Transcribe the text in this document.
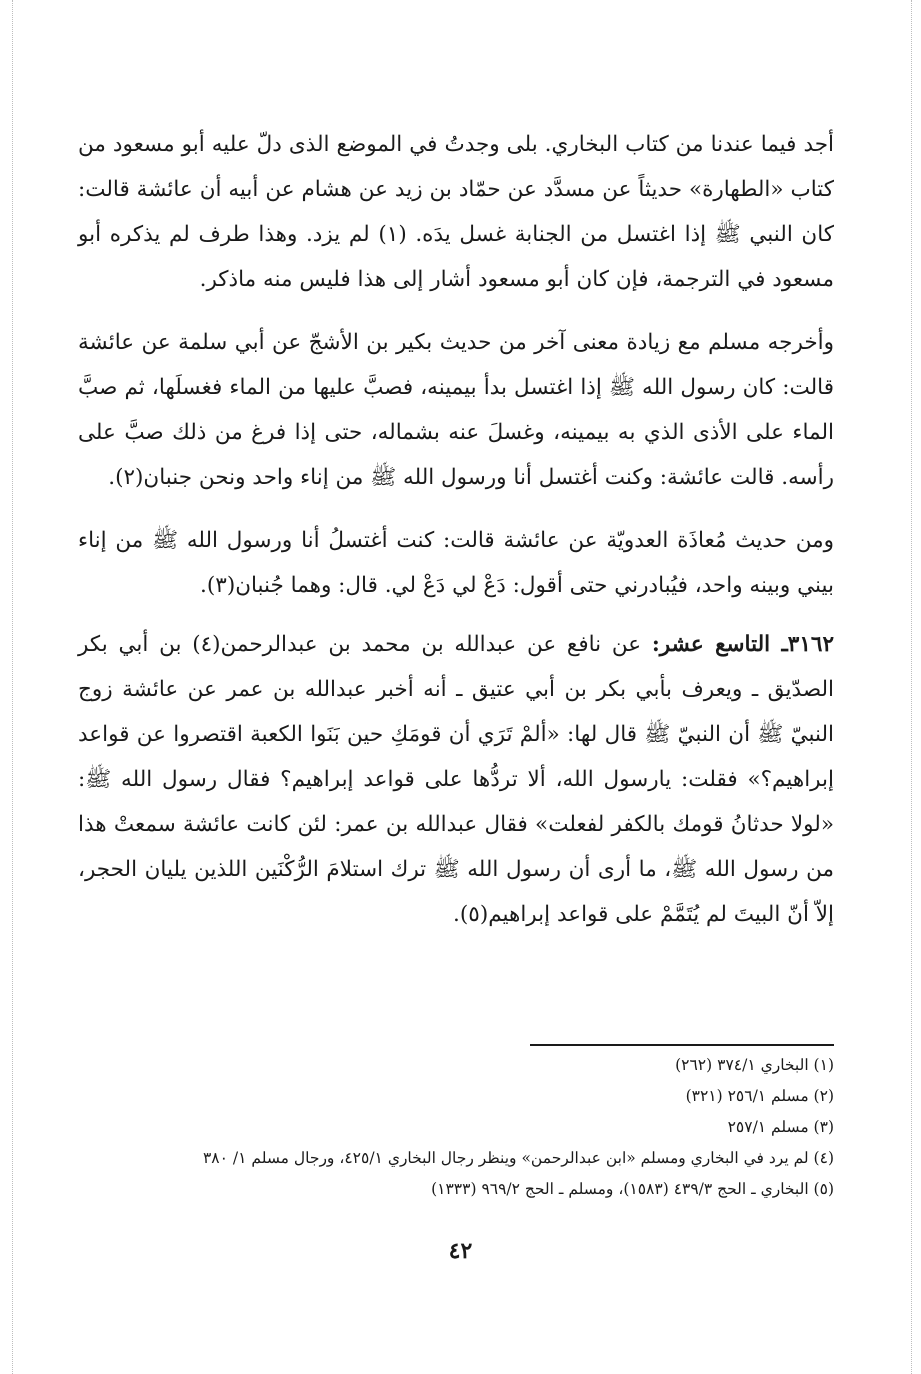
أجد فيما عندنا من كتاب البخاري. بلى وجدتُ في الموضع الذى دلّ عليه أبو مسعود من كتاب «الطهارة» حديثاً عن مسدَّد عن حمّاد بن زيد عن هشام عن أبيه أن عائشة قالت: كان النبي ﷺ إذا اغتسل من الجنابة غسل يدَه. (١) لم يزد. وهذا طرف لم يذكره أبو مسعود في الترجمة، فإن كان أبو مسعود أشار إلى هذا فليس منه ماذكر.

وأخرجه مسلم مع زيادة معنى آخر من حديث بكير بن الأشجّ عن أبي سلمة عن عائشة قالت: كان رسول الله ﷺ إذا اغتسل بدأ بيمينه، فصبَّ عليها من الماء فغسلَها، ثم صبَّ الماء على الأذى الذي به بيمينه، وغسلَ عنه بشماله، حتى إذا فرغ من ذلك صبَّ على رأسه. قالت عائشة: وكنت أغتسل أنا ورسول الله ﷺ من إناء واحد ونحن جنبان(٢).

ومن حديث مُعاذَة العدويّة عن عائشة قالت: كنت أغتسلُ أنا ورسول الله ﷺ من إناء بيني وبينه واحد، فيُبادرني حتى أقول: دَعْ لي دَعْ لي. قال: وهما جُنبان(٣).

٣١٦٢ـ التاسع عشر: عن نافع عن عبدالله بن محمد بن عبدالرحمن(٤) بن أبي بكر الصدّيق ـ ويعرف بأبي بكر بن أبي عتيق ـ أنه أخبر عبدالله بن عمر عن عائشة زوج النبيّ ﷺ أن النبيّ ﷺ قال لها: «ألمْ تَرَي أن قومَكِ حين بَنَوا الكعبة اقتصروا عن قواعد إبراهيم؟» فقلت: يارسول الله، ألا تردُّها على قواعد إبراهيم؟ فقال رسول الله ﷺ: «لولا حدثانُ قومك بالكفر لفعلت» فقال عبدالله بن عمر: لئن كانت عائشة سمعتْ هذا من رسول الله ﷺ، ما أرى أن رسول الله ﷺ ترك استلامَ الرُّكْنَين اللذين يليان الحجر، إلاّ أنّ البيتَ لم يُتَمَّمْ على قواعد إبراهيم(٥).

(١) البخاري ٣٧٤/١ (٢٦٢)

(٢) مسلم ٢٥٦/١ (٣٢١)

(٣) مسلم ٢٥٧/١

(٤) لم يرد في البخاري ومسلم «ابن عبدالرحمن» وينظر رجال البخاري ٤٢٥/١، ورجال مسلم ١/ ٣٨٠

(٥) البخاري ـ الحج ٤٣٩/٣ (١٥٨٣)، ومسلم ـ الحج ٩٦٩/٢ (١٣٣٣)

٤٢
